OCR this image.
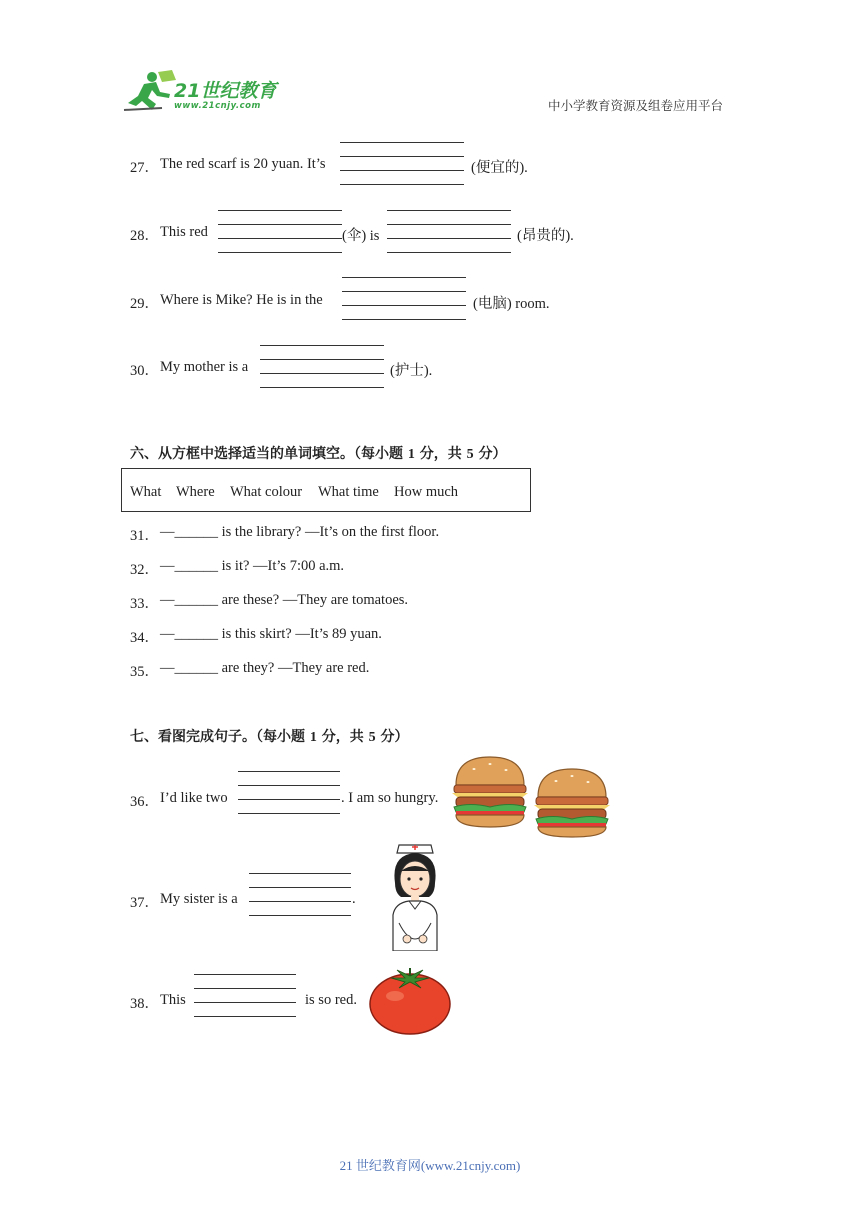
21世纪教育
www.21cnjy.com	中小学教育资源及组卷应用平台
27． The red scarf is 20 yuan. It’s	(便宜的).
28． This red	(伞) is	(昂贵的).
29． Where is Mike? He is in the	(电脑) room.
30． My mother is a	(护士).
六、从方框中选择适当的单词填空。（每小题 1 分，共 5 分）
What Where What colour What time How much
31． —______ is the library? —It’s on the first floor.
32． —______ is it? —It’s 7:00 a.m.
33． —______ are these? —They are tomatoes.
34． —______ is this skirt? —It’s 89 yuan.
35． —______ are they? —They are red.
七、看图完成句子。（每小题 1 分，共 5 分）
36． I’d like two	. I am so hungry.
37． My sister is a	.
38． This	is so red.
21 世纪教育网(www.21cnjy.com)
